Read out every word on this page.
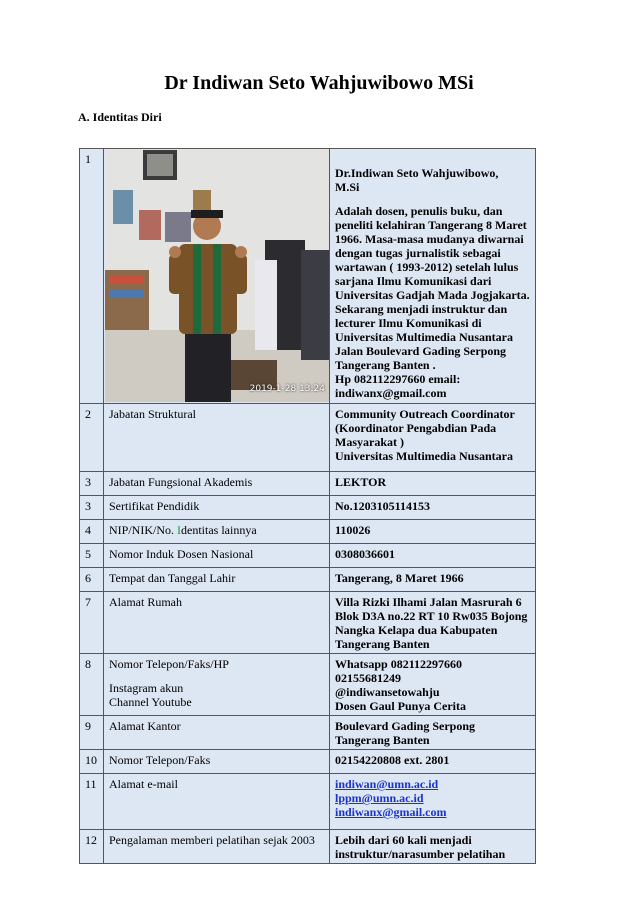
Dr Indiwan Seto Wahjuwibowo MSi
A. Identitas Diri
1	2019-1-28 13:24	Dr.Indiwan Seto Wahjuwibowo,
M.Si
Adalah dosen, penulis buku, dan peneliti kelahiran Tangerang 8 Maret 1966. Masa-masa mudanya diwarnai dengan tugas jurnalistik sebagai wartawan ( 1993-2012) setelah lulus sarjana Ilmu Komunikasi dari Universitas Gadjah Mada Jogjakarta. Sekarang menjadi instruktur dan lecturer Ilmu Komunikasi di Universitas Multimedia Nusantara Jalan Boulevard Gading Serpong Tangerang Banten .
Hp 082112297660 email:
indiwanx@gmail.com

2	Jabatan Struktural	Community Outreach Coordinator
(Koordinator Pengabdian Pada
Masyarakat )
Universitas Multimedia Nusantara

3	Jabatan Fungsional Akademis	LEKTOR
3	Sertifikat Pendidik	No.1203105114153
4	NIP/NIK/No. Identitas lainnya	110026
5	Nomor Induk Dosen Nasional	0308036601
6	Tempat dan Tanggal Lahir	Tangerang, 8 Maret 1966
7	Alamat Rumah	Villa Rizki Ilhami Jalan Masrurah 6
Blok D3A no.22 RT 10 Rw035 Bojong
Nangka Kelapa dua Kabupaten
Tangerang Banten

8	Nomor Telepon/Faks/HP
Instagram akun
Channel Youtube	Whatsapp 082112297660
02155681249
@indiwansetowahju
Dosen Gaul Punya Cerita

9	Alamat Kantor	Boulevard Gading Serpong
Tangerang Banten

10	Nomor Telepon/Faks	02154220808 ext. 2801
11	Alamat e-mail	indiwan@umn.ac.id
lppm@umn.ac.id
indiwanx@gmail.com

12	Pengalaman memberi pelatihan sejak 2003	Lebih dari 60 kali menjadi
instruktur/narasumber pelatihan
